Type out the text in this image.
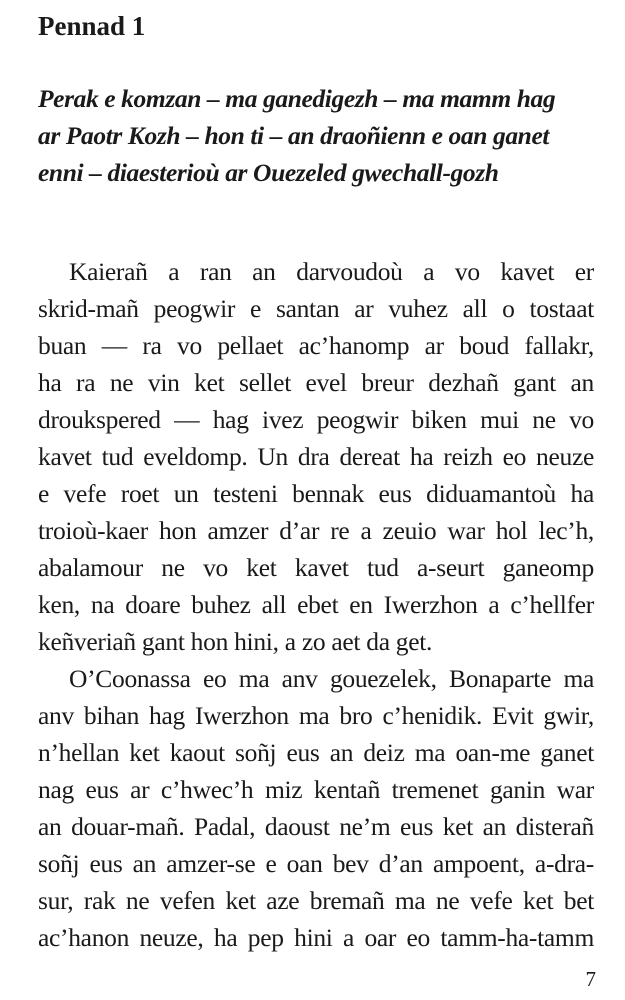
Pennad 1

Perak e komzan – ma ganedigezh – ma mamm hag
ar Paotr Kozh – hon ti – an draoñienn e oan ganet
enni – diaesterioù ar Ouezeled gwechall-gozh

Kaierañ a ran an darvoudoù a vo kavet er
skrid-mañ peogwir e santan ar vuhez all o tostaat
buan — ra vo pellaet ac’hanomp ar boud fallakr,
ha ra ne vin ket sellet evel breur dezhañ gant an
droukspered — hag ivez peogwir biken mui ne vo
kavet tud eveldomp. Un dra dereat ha reizh eo neuze
e vefe roet un testeni bennak eus diduamantoù ha
troioù-kaer hon amzer d’ar re a zeuio war hol lec’h,
abalamour ne vo ket kavet tud a-seurt ganeomp
ken, na doare buhez all ebet en Iwerzhon a c’hellfer
keñveriañ gant hon hini, a zo aet da get.
O’Coonassa eo ma anv gouezelek, Bonaparte ma
anv bihan hag Iwerzhon ma bro c’henidik. Evit gwir,
n’hellan ket kaout soñj eus an deiz ma oan-me ganet
nag eus ar c’hwec’h miz kentañ tremenet ganin war
an douar-mañ. Padal, daoust ne’m eus ket an disterañ
soñj eus an amzer-se e oan bev d’an ampoent, a-dra-
sur, rak ne vefen ket aze bremañ ma ne vefe ket bet
ac’hanon neuze, ha pep hini a oar eo tamm-ha-tamm
7
